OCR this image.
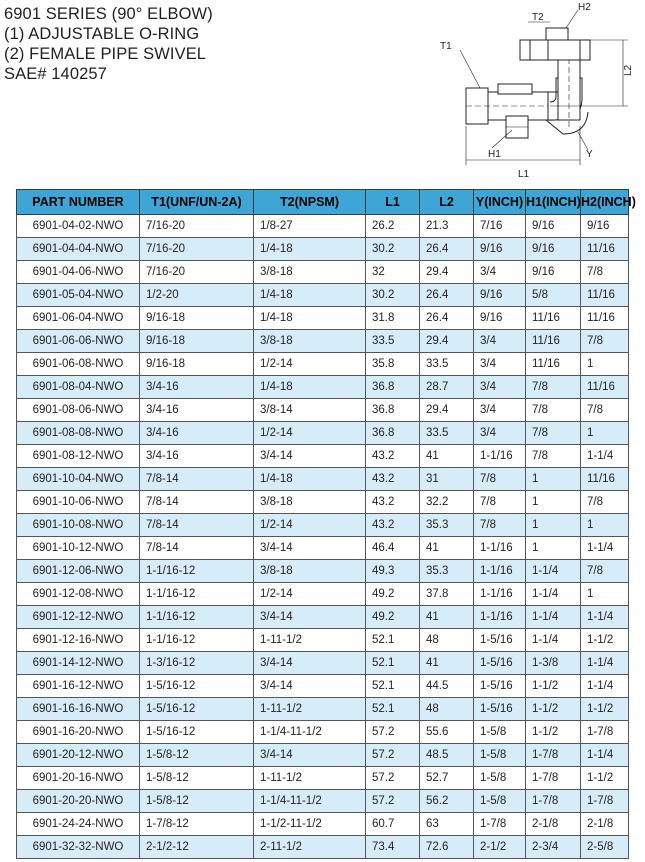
6901 SERIES (90° ELBOW)
(1) ADJUSTABLE O-RING
(2) FEMALE PIPE SWIVEL
SAE# 140257
T1
T2
H2
H1
L1
Y
L2
PART NUMBER	T1(UNF/UN-2A)	T2(NPSM)	L1	L2	Y(INCH)	H1(INCH)	H2(INCH)
6901-04-02-NWO	7/16-20	1/8-27	26.2	21.3	7/16	9/16	9/16
6901-04-04-NWO	7/16-20	1/4-18	30.2	26.4	9/16	9/16	11/16
6901-04-06-NWO	7/16-20	3/8-18	32	29.4	3/4	9/16	7/8
6901-05-04-NWO	1/2-20	1/4-18	30.2	26.4	9/16	5/8	11/16
6901-06-04-NWO	9/16-18	1/4-18	31.8	26.4	9/16	11/16	11/16
6901-06-06-NWO	9/16-18	3/8-18	33.5	29.4	3/4	11/16	7/8
6901-06-08-NWO	9/16-18	1/2-14	35.8	33.5	3/4	11/16	1
6901-08-04-NWO	3/4-16	1/4-18	36.8	28.7	3/4	7/8	11/16
6901-08-06-NWO	3/4-16	3/8-14	36.8	29.4	3/4	7/8	7/8
6901-08-08-NWO	3/4-16	1/2-14	36.8	33.5	3/4	7/8	1
6901-08-12-NWO	3/4-16	3/4-14	43.2	41	1-1/16	7/8	1-1/4
6901-10-04-NWO	7/8-14	1/4-18	43.2	31	7/8	1	11/16
6901-10-06-NWO	7/8-14	3/8-18	43.2	32.2	7/8	1	7/8
6901-10-08-NWO	7/8-14	1/2-14	43.2	35.3	7/8	1	1
6901-10-12-NWO	7/8-14	3/4-14	46.4	41	1-1/16	1	1-1/4
6901-12-06-NWO	1-1/16-12	3/8-18	49.3	35.3	1-1/16	1-1/4	7/8
6901-12-08-NWO	1-1/16-12	1/2-14	49.2	37.8	1-1/16	1-1/4	1
6901-12-12-NWO	1-1/16-12	3/4-14	49.2	41	1-1/16	1-1/4	1-1/4
6901-12-16-NWO	1-1/16-12	1-11-1/2	52.1	48	1-5/16	1-1/4	1-1/2
6901-14-12-NWO	1-3/16-12	3/4-14	52.1	41	1-5/16	1-3/8	1-1/4
6901-16-12-NWO	1-5/16-12	3/4-14	52.1	44.5	1-5/16	1-1/2	1-1/4
6901-16-16-NWO	1-5/16-12	1-11-1/2	52.1	48	1-5/16	1-1/2	1-1/2
6901-16-20-NWO	1-5/16-12	1-1/4-11-1/2	57.2	55.6	1-5/8	1-1/2	1-7/8
6901-20-12-NWO	1-5/8-12	3/4-14	57.2	48.5	1-5/8	1-7/8	1-1/4
6901-20-16-NWO	1-5/8-12	1-11-1/2	57.2	52.7	1-5/8	1-7/8	1-1/2
6901-20-20-NWO	1-5/8-12	1-1/4-11-1/2	57.2	56.2	1-5/8	1-7/8	1-7/8
6901-24-24-NWO	1-7/8-12	1-1/2-11-1/2	60.7	63	1-7/8	2-1/8	2-1/8
6901-32-32-NWO	2-1/2-12	2-11-1/2	73.4	72.6	2-1/2	2-3/4	2-5/8
